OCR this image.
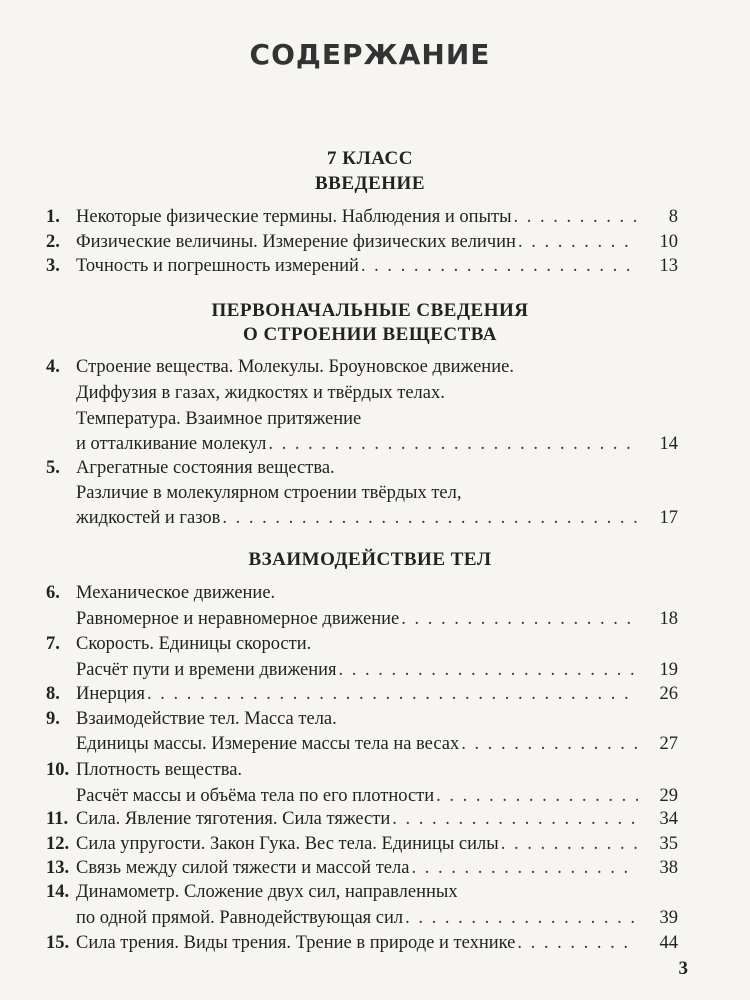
СОДЕРЖАНИЕ
7 КЛАСС
ВВЕДЕНИЕ
1. Некоторые физические термины. Наблюдения и опыты . . .	8
2. Физические величины. Измерение физических величин . . .	10
3. Точность и погрешность измерений . . .	13
ПЕРВОНАЧАЛЬНЫЕ СВЕДЕНИЯ
О СТРОЕНИИ ВЕЩЕСТВА
4. Строение вещества. Молекулы. Броуновское движение.
Диффузия в газах, жидкостях и твёрдых телах.
Температура. Взаимное притяжение
и отталкивание молекул . . .	14
5. Агрегатные состояния вещества.
Различие в молекулярном строении твёрдых тел,
жидкостей и газов . . .	17
ВЗАИМОДЕЙСТВИЕ ТЕЛ
6. Механическое движение.
Равномерное и неравномерное движение . . .	18
7. Скорость. Единицы скорости.
Расчёт пути и времени движения . . .	19
8. Инерция . . .	26
9. Взаимодействие тел. Масса тела.
Единицы массы. Измерение массы тела на весах . . .	27
10. Плотность вещества.
Расчёт массы и объёма тела по его плотности . . .	29
11. Сила. Явление тяготения. Сила тяжести . . .	34
12. Сила упругости. Закон Гука. Вес тела. Единицы силы . . .	35
13. Связь между силой тяжести и массой тела . . .	38
14. Динамометр. Сложение двух сил, направленных
по одной прямой. Равнодействующая сил . . .	39
15. Сила трения. Виды трения. Трение в природе и технике . . .	44
3
